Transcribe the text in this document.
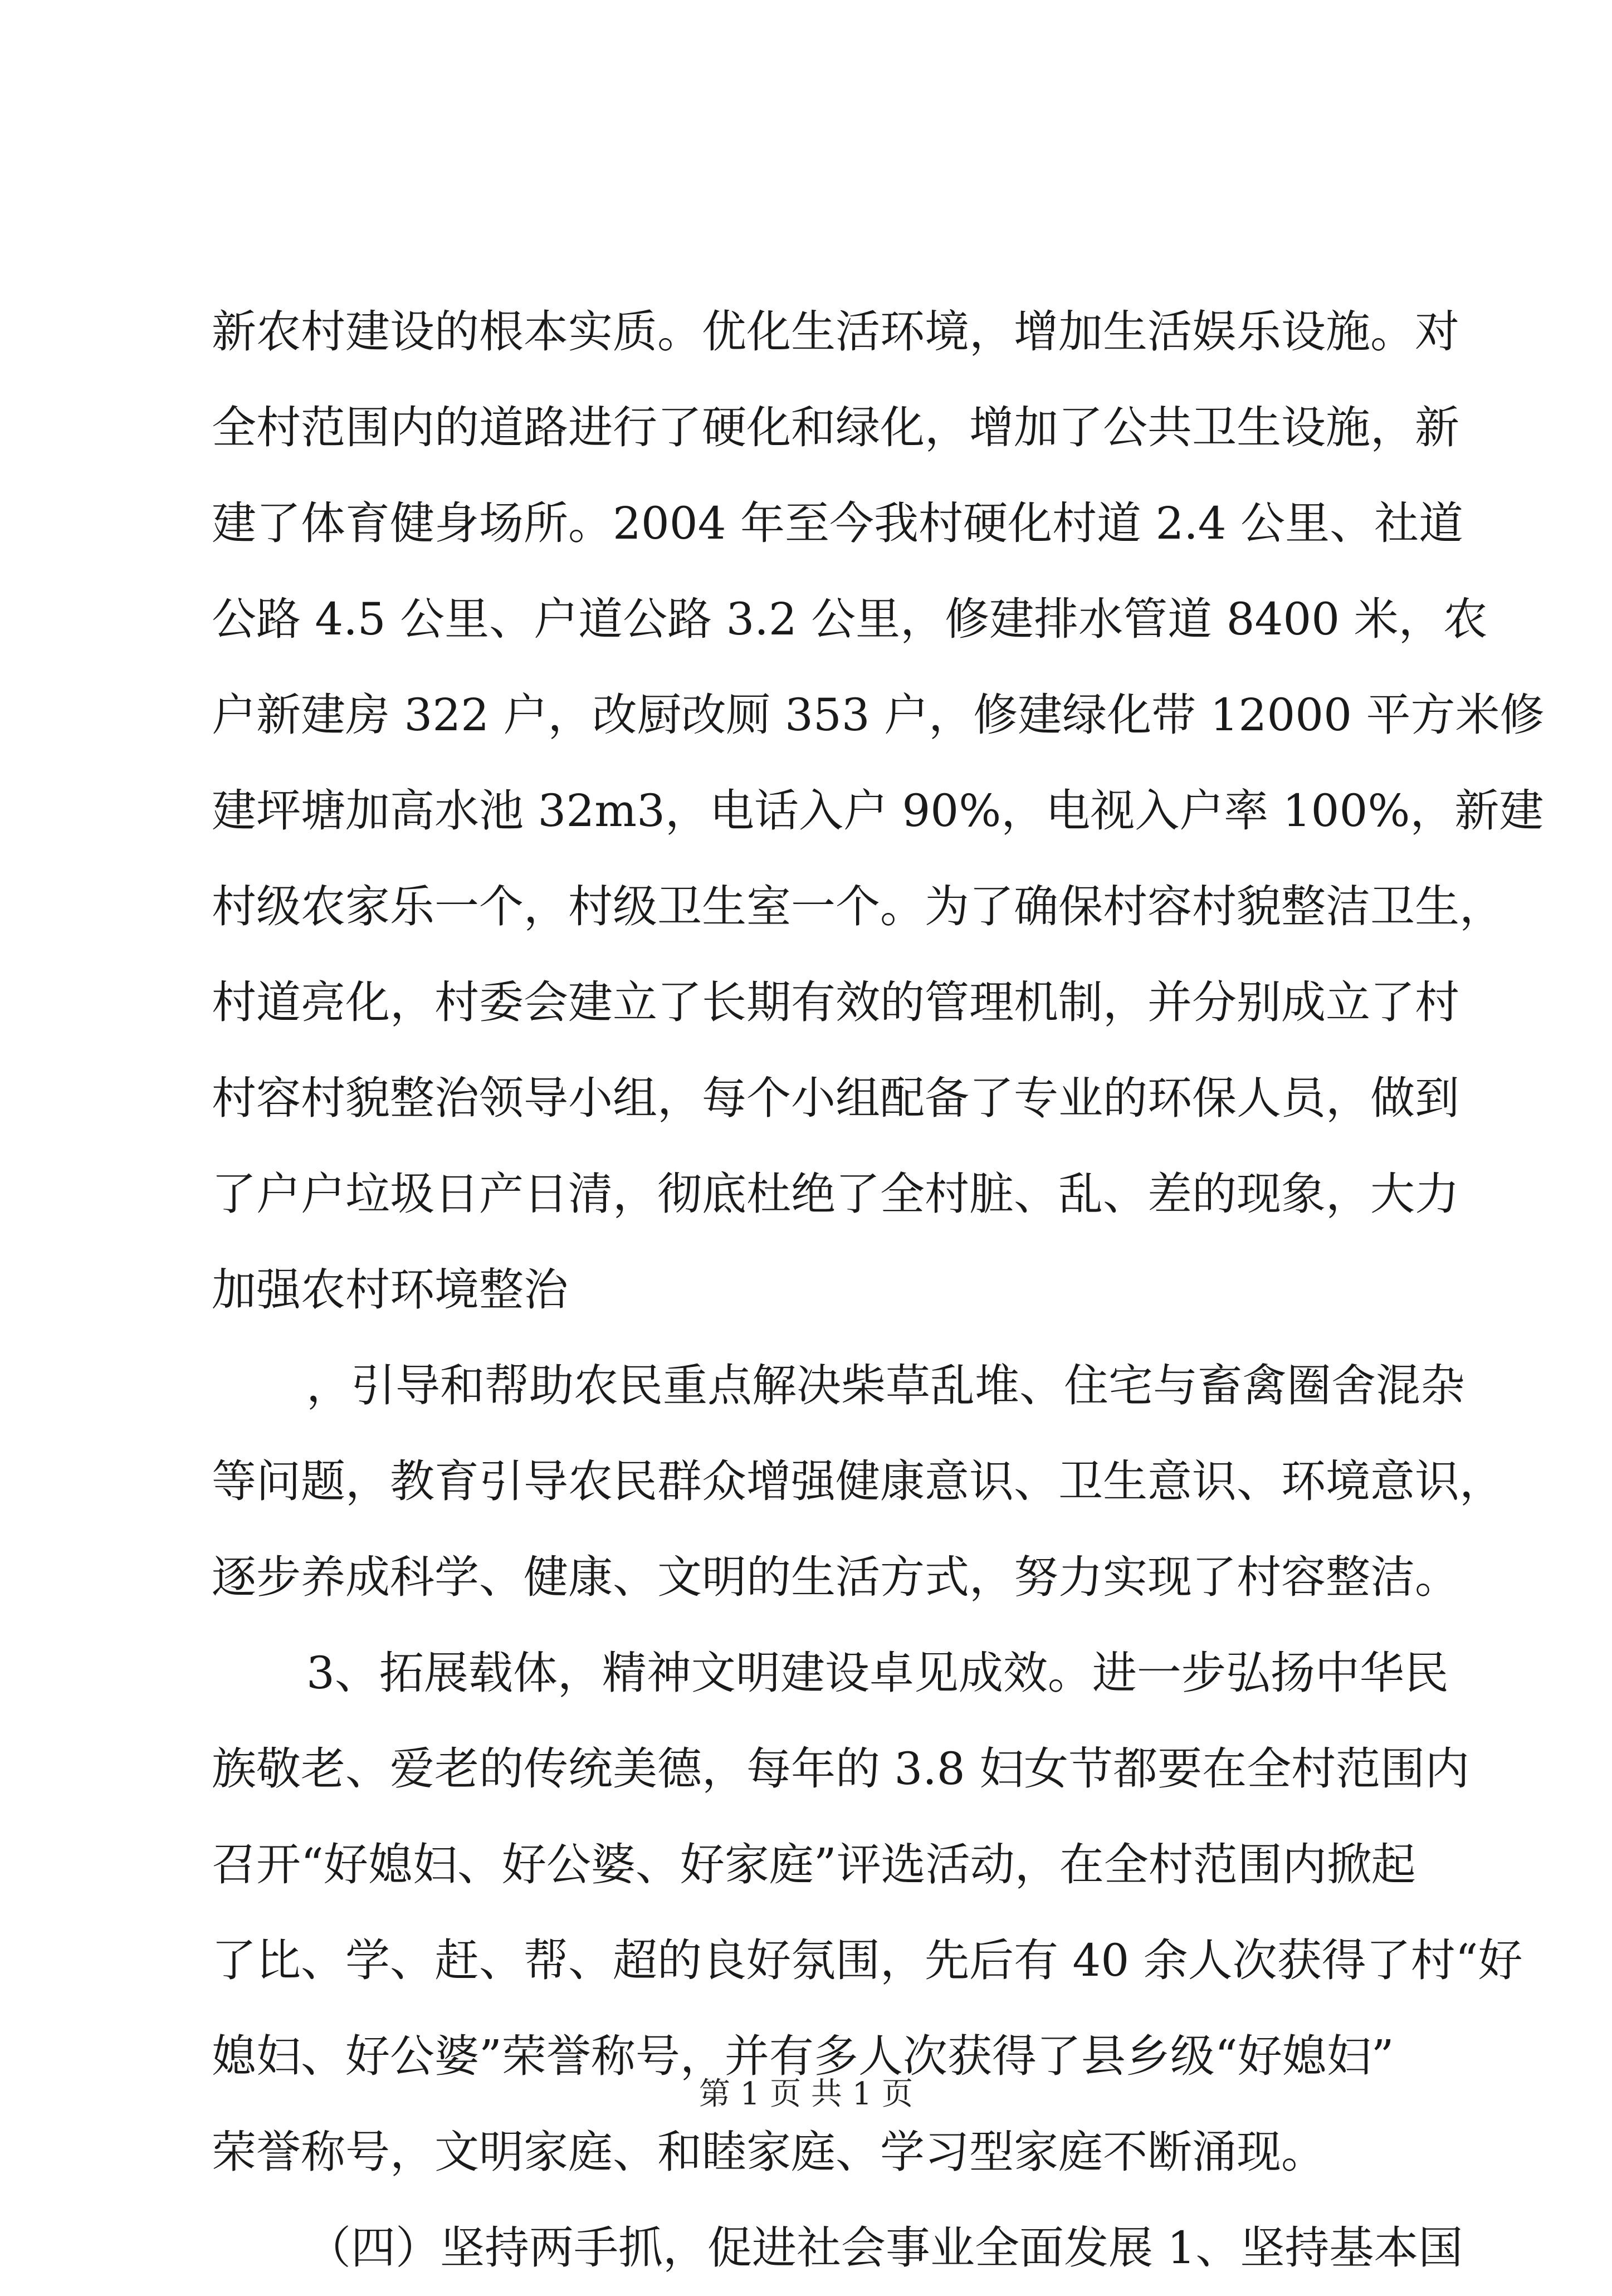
新农村建设的根本实质。优化生活环境，增加生活娱乐设施。对
全村范围内的道路进行了硬化和绿化，增加了公共卫生设施，新
建了体育健身场所。2004 年至今我村硬化村道 2.4 公里、社道
公路 4.5 公里、户道公路 3.2 公里，修建排水管道 8400 米，农
户新建房 322 户，改厨改厕 353 户，修建绿化带 12000 平方米修
建坪塘加高水池 32m3，电话入户 90%，电视入户率 100%，新建
村级农家乐一个，村级卫生室一个。为了确保村容村貌整洁卫生，
村道亮化，村委会建立了长期有效的管理机制，并分别成立了村
村容村貌整治领导小组，每个小组配备了专业的环保人员，做到
了户户垃圾日产日清，彻底杜绝了全村脏、乱、差的现象，大力
加强农村环境整治
，引导和帮助农民重点解决柴草乱堆、住宅与畜禽圈舍混杂
等问题，教育引导农民群众增强健康意识、卫生意识、环境意识，
逐步养成科学、健康、文明的生活方式，努力实现了村容整洁。
3、拓展载体，精神文明建设卓见成效。进一步弘扬中华民
族敬老、爱老的传统美德，每年的 3.8 妇女节都要在全村范围内
召开“好媳妇、好公婆、好家庭”评选活动，在全村范围内掀起
了比、学、赶、帮、超的良好氛围，先后有 40 余人次获得了村“好
媳妇、好公婆”荣誉称号，并有多人次获得了县乡级“好媳妇”
荣誉称号，文明家庭、和睦家庭、学习型家庭不断涌现。
（四）坚持两手抓，促进社会事业全面发展 1、坚持基本国
第 1 页 共 1 页
